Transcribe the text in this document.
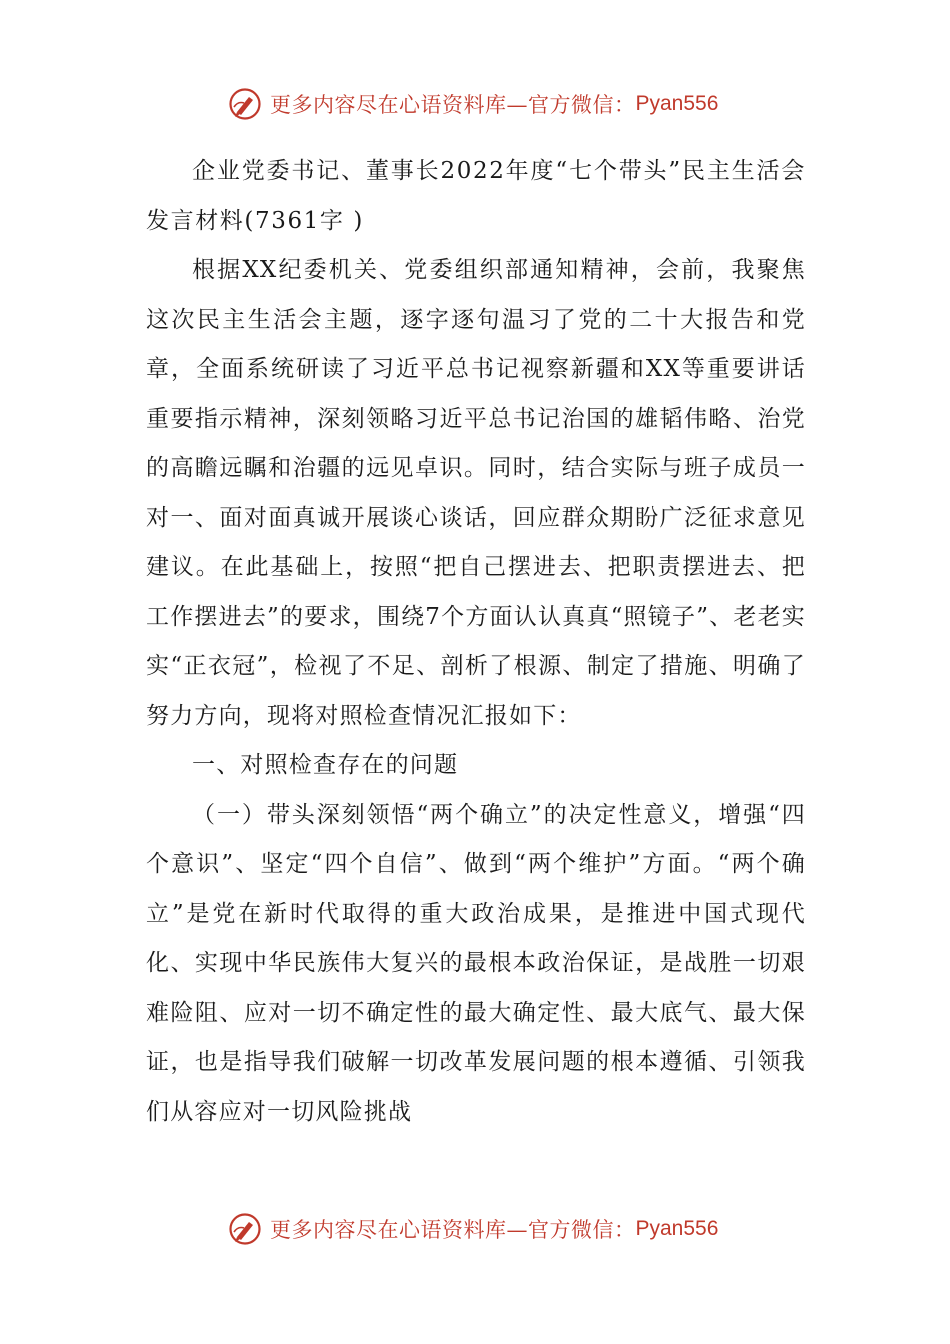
更多内容尽在心语资料库—官方微信： Pyan556

企业党委书记、董事长2022年度“七个带头”民主生活会发言材料(7361字 )

根据XX纪委机关、党委组织部通知精神，会前，我聚焦这次民主生活会主题，逐字逐句温习了党的二十大报告和党章，全面系统研读了习近平总书记视察新疆和XX等重要讲话重要指示精神，深刻领略习近平总书记治国的雄韬伟略、治党的高瞻远瞩和治疆的远见卓识。同时，结合实际与班子成员一对一、面对面真诚开展谈心谈话，回应群众期盼广泛征求意见建议。在此基础上，按照“把自己摆进去、把职责摆进去、把工作摆进去”的要求，围绕7个方面认认真真“照镜子”、老老实实“正衣冠”，检视了不足、剖析了根源、制定了措施、明确了努力方向，现将对照检查情况汇报如下：

一、对照检查存在的问题

（一）带头深刻领悟“两个确立”的决定性意义，增强“四个意识”、坚定“四个自信”、做到“两个维护”方面。“两个确立”是党在新时代取得的重大政治成果，是推进中国式现代化、实现中华民族伟大复兴的最根本政治保证，是战胜一切艰难险阻、应对一切不确定性的最大确定性、最大底气、最大保证，也是指导我们破解一切改革发展问题的根本遵循、引领我们从容应对一切风险挑战

更多内容尽在心语资料库—官方微信： Pyan556
